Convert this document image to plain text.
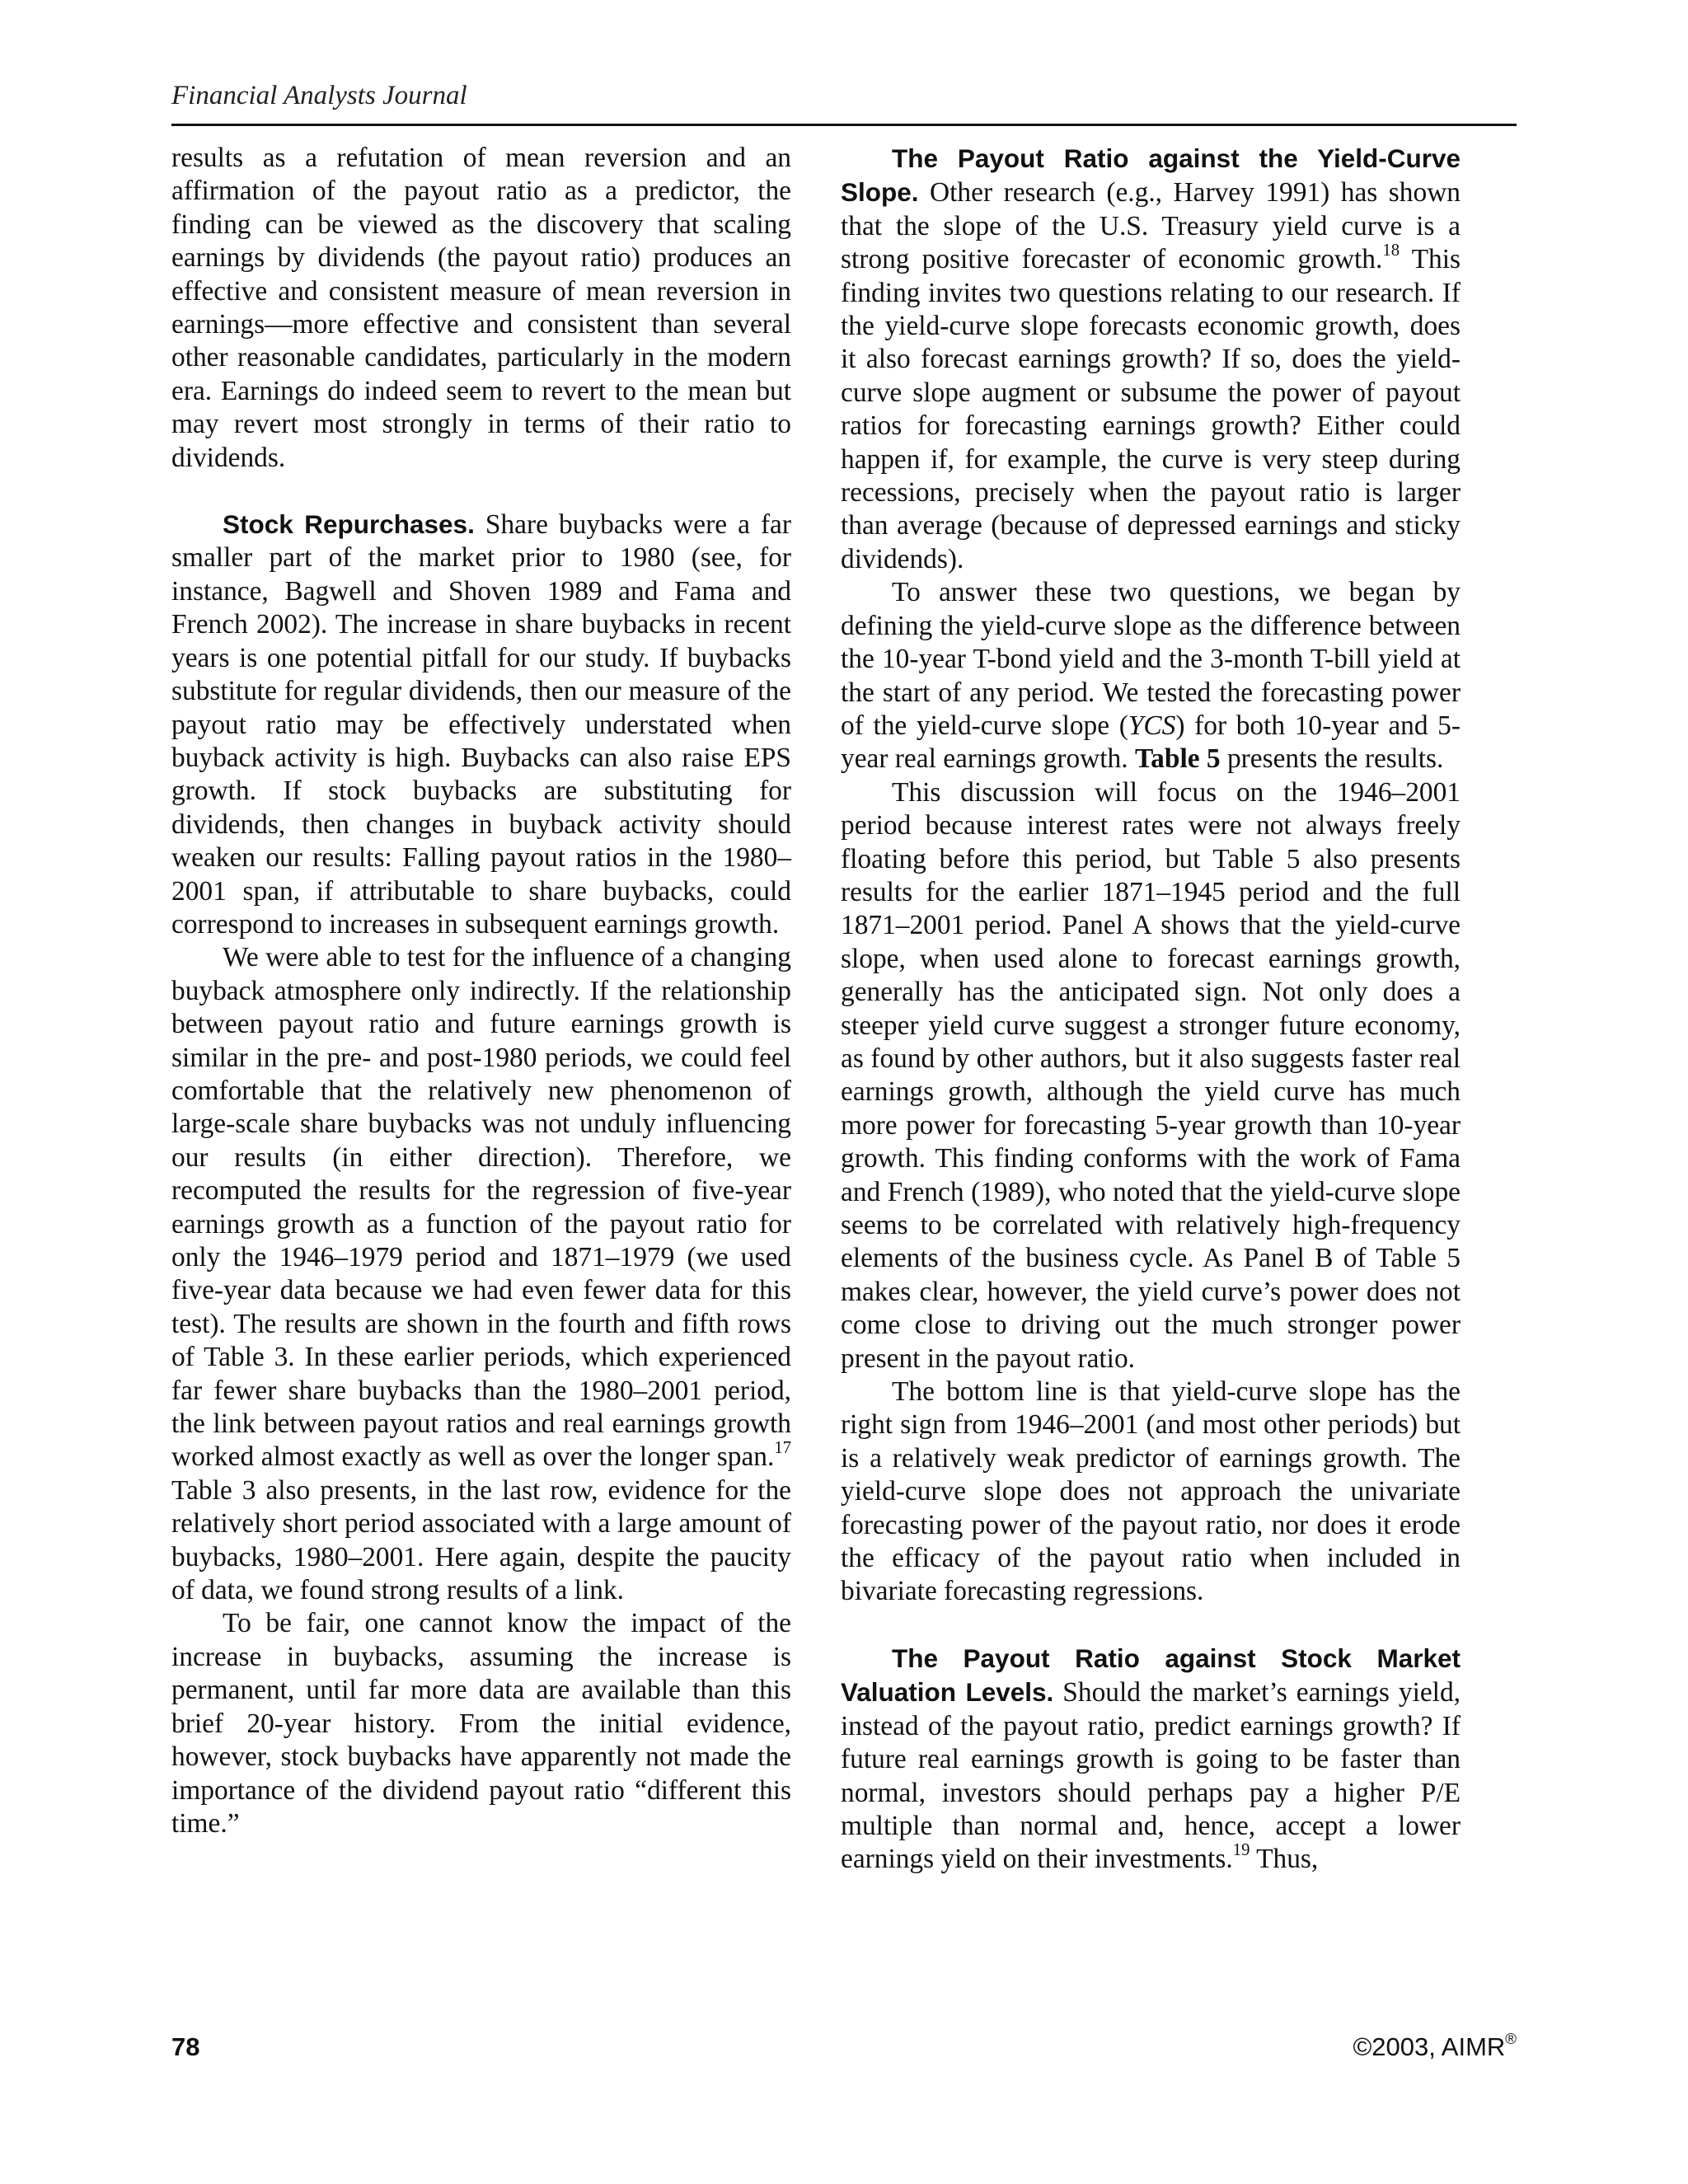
Financial Analysts Journal

results as a refutation of mean reversion and an affirmation of the payout ratio as a predictor, the finding can be viewed as the discovery that scaling earnings by dividends (the payout ratio) produces an effective and consistent measure of mean reversion in earnings—more effective and consistent than several other reasonable candidates, particularly in the modern era. Earnings do indeed seem to revert to the mean but may revert most strongly in terms of their ratio to dividends.

Stock Repurchases. Share buybacks were a far smaller part of the market prior to 1980 (see, for instance, Bagwell and Shoven 1989 and Fama and French 2002). The increase in share buybacks in recent years is one potential pitfall for our study. If buybacks substitute for regular dividends, then our measure of the payout ratio may be effectively understated when buyback activity is high. Buybacks can also raise EPS growth. If stock buybacks are substituting for dividends, then changes in buyback activity should weaken our results: Falling payout ratios in the 1980–2001 span, if attributable to share buybacks, could correspond to increases in subsequent earnings growth.

We were able to test for the influence of a changing buyback atmosphere only indirectly. If the relationship between payout ratio and future earnings growth is similar in the pre- and post-1980 periods, we could feel comfortable that the relatively new phenomenon of large-scale share buybacks was not unduly influencing our results (in either direction). Therefore, we recomputed the results for the regression of five-year earnings growth as a function of the payout ratio for only the 1946–1979 period and 1871–1979 (we used five-year data because we had even fewer data for this test). The results are shown in the fourth and fifth rows of Table 3. In these earlier periods, which experienced far fewer share buybacks than the 1980–2001 period, the link between payout ratios and real earnings growth worked almost exactly as well as over the longer span.$^{17}$ Table 3 also presents, in the last row, evidence for the relatively short period associated with a large amount of buybacks, 1980–2001. Here again, despite the paucity of data, we found strong results of a link.

To be fair, one cannot know the impact of the increase in buybacks, assuming the increase is permanent, until far more data are available than this brief 20-year history. From the initial evidence, however, stock buybacks have apparently not made the importance of the dividend payout ratio “different this time.”

The Payout Ratio against the Yield-Curve Slope. Other research (e.g., Harvey 1991) has shown that the slope of the U.S. Treasury yield curve is a strong positive forecaster of economic growth.$^{18}$ This finding invites two questions relating to our research. If the yield-curve slope forecasts economic growth, does it also forecast earnings growth? If so, does the yield-curve slope augment or subsume the power of payout ratios for forecasting earnings growth? Either could happen if, for example, the curve is very steep during recessions, precisely when the payout ratio is larger than average (because of depressed earnings and sticky dividends).

To answer these two questions, we began by defining the yield-curve slope as the difference between the 10-year T-bond yield and the 3-month T-bill yield at the start of any period. We tested the forecasting power of the yield-curve slope (YCS) for both 10-year and 5-year real earnings growth. Table 5 presents the results.

This discussion will focus on the 1946–2001 period because interest rates were not always freely floating before this period, but Table 5 also presents results for the earlier 1871–1945 period and the full 1871–2001 period. Panel A shows that the yield-curve slope, when used alone to forecast earnings growth, generally has the anticipated sign. Not only does a steeper yield curve suggest a stronger future economy, as found by other authors, but it also suggests faster real earnings growth, although the yield curve has much more power for forecasting 5-year growth than 10-year growth. This finding conforms with the work of Fama and French (1989), who noted that the yield-curve slope seems to be correlated with relatively high-frequency elements of the business cycle. As Panel B of Table 5 makes clear, however, the yield curve’s power does not come close to driving out the much stronger power present in the payout ratio.

The bottom line is that yield-curve slope has the right sign from 1946–2001 (and most other periods) but is a relatively weak predictor of earnings growth. The yield-curve slope does not approach the univariate forecasting power of the payout ratio, nor does it erode the efficacy of the payout ratio when included in bivariate forecasting regressions.

The Payout Ratio against Stock Market Valuation Levels. Should the market’s earnings yield, instead of the payout ratio, predict earnings growth? If future real earnings growth is going to be faster than normal, investors should perhaps pay a higher P/E multiple than normal and, hence, accept a lower earnings yield on their investments.$^{19}$ Thus,

78	©2003, AIMR®
